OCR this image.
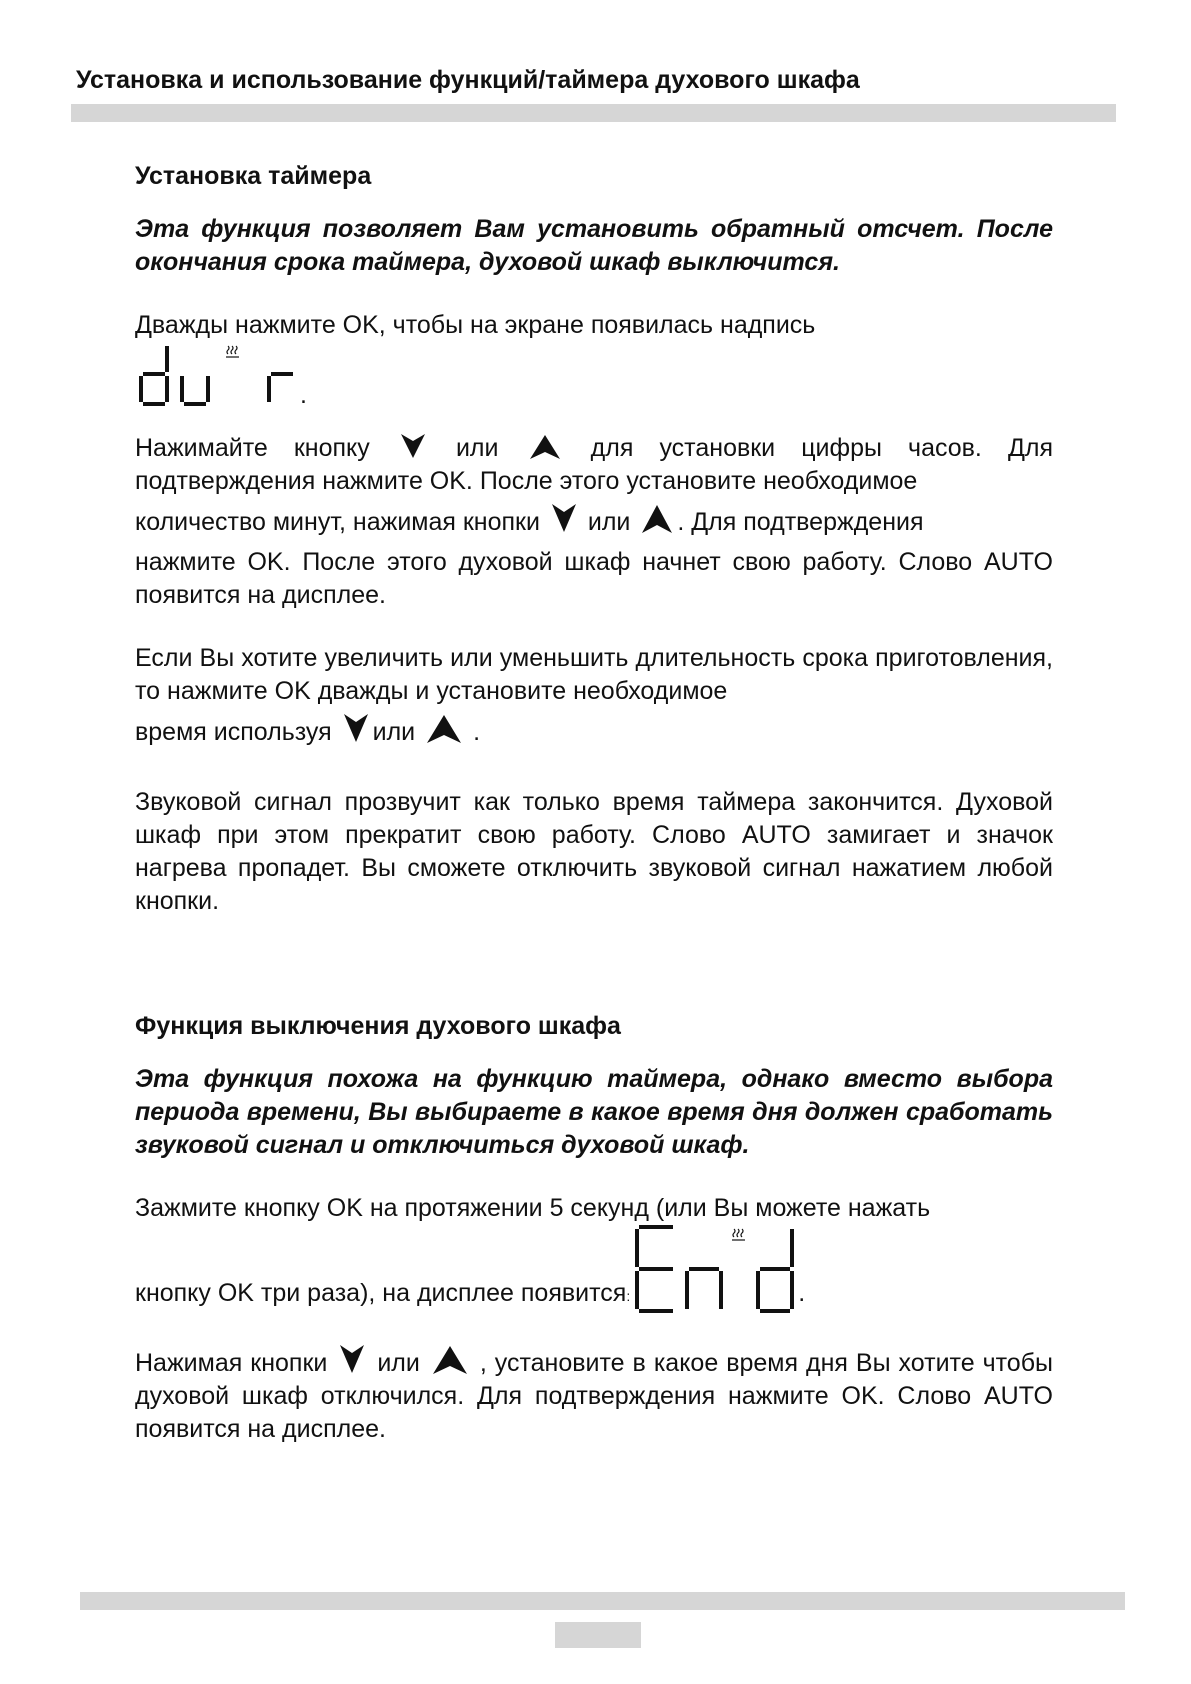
Установка и использование функций/таймера духового шкафа
Установка таймера

Эта функция позволяет Вам установить обратный отсчет. После окончания срока таймера, духовой шкаф выключится.

Дважды нажмите OK, чтобы на экране появилась надпись

dur
.

Нажимайте кнопку	или	для установки цифры часов. Для подтверждения нажмите OK. После этого установите необходимое

количество минут, нажимая кнопки или . Для подтверждения

нажмите OK. После этого духовой шкаф начнет свою работу. Слово AUTO появится на дисплее.

Если Вы хотите увеличить или уменьшить длительность срока приготовления, то нажмите OK дважды и установите необходимое

время используя или .

Звуковой сигнал прозвучит как только время таймера закончится. Духовой шкаф при этом прекратит свою работу. Слово AUTO замигает и значок нагрева пропадет. Вы сможете отключить звуковой сигнал нажатием любой кнопки.

Функция выключения духового шкафа

Эта функция похожа на функцию таймера, однако вместо выбора периода времени, Вы выбираете в какое время дня должен сработать звуковой сигнал и отключиться духовой шкаф.

Зажмите кнопку OK на протяжении 5 секунд (или Вы можете нажать

кнопку OK три раза), на дисплее появится:
End
.

Нажимая кнопки или , установите в какое время дня Вы хотите чтобы духовой шкаф отключился. Для подтверждения нажмите OK. Слово AUTO появится на дисплее.
